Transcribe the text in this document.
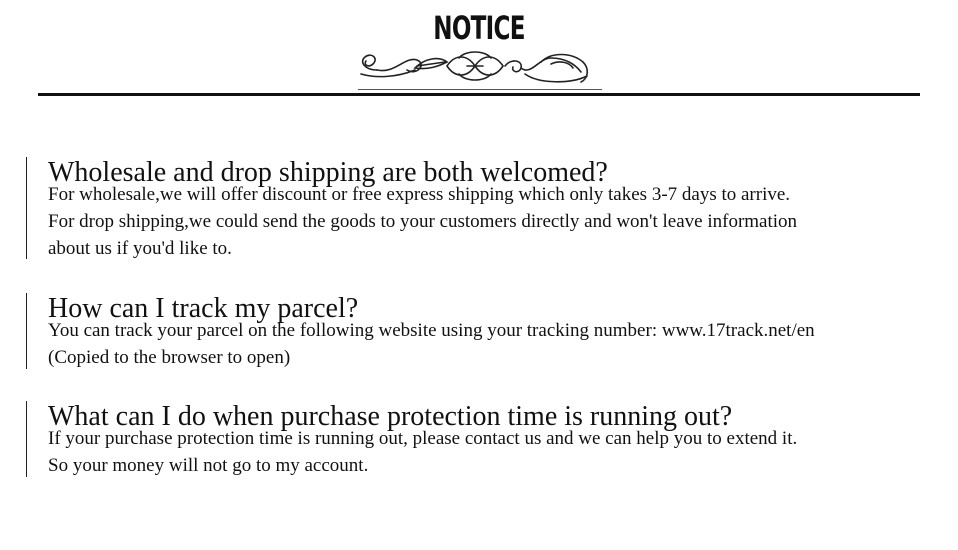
NOTICE
Wholesale and drop shipping are both welcomed?
For wholesale,we will offer discount or free express shipping which only takes 3-7 days to arrive.
For drop shipping,we could send the goods to your customers directly and won't leave information
about us if you'd like to.
How can I track my parcel?
You can track your parcel on the following website using your tracking number: www.17track.net/en
(Copied to the browser to open)
What can I do when purchase protection time is running out?
If your purchase protection time is running out, please contact us and we can help you to extend it.
So your money will not go to my account.
